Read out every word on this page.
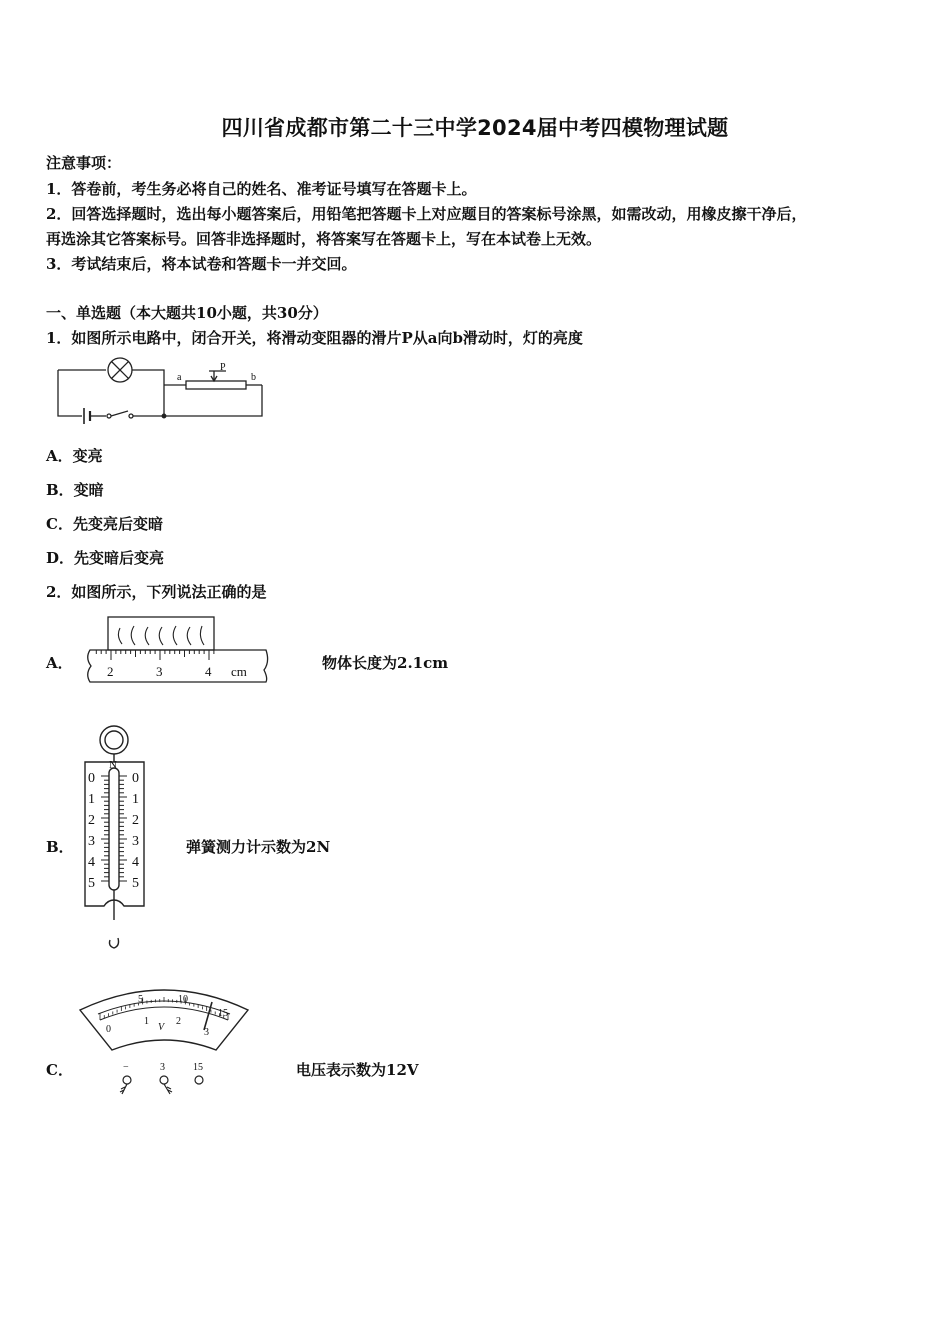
四川省成都市第二十三中学2024届中考四模物理试题
注意事项：
1．答卷前，考生务必将自己的姓名、准考证号填写在答题卡上。
2．回答选择题时，选出每小题答案后，用铅笔把答题卡上对应题目的答案标号涂黑，如需改动，用橡皮擦干净后，
再选涂其它答案标号。回答非选择题时，将答案写在答题卡上，写在本试卷上无效。
3．考试结束后，将本试卷和答题卡一并交回。
一、单选题（本大题共10小题，共30分）
1．如图所示电路中，闭合开关，将滑动变阻器的滑片P从a向b滑动时，灯的亮度
a	b
P
A．变亮
B．变暗
C．先变亮后变暗
D．先变暗后变亮
2．如图所示，下列说法正确的是
A．	2	3	4 cm	物体长度为2.1cm
B．
N
0
1
2
3
4
5
0
1
2
3
4
5
弹簧测力计示数为2N
C．
5	10
15
0
1	2
3
V
−	3	15	电压表示数为12V
